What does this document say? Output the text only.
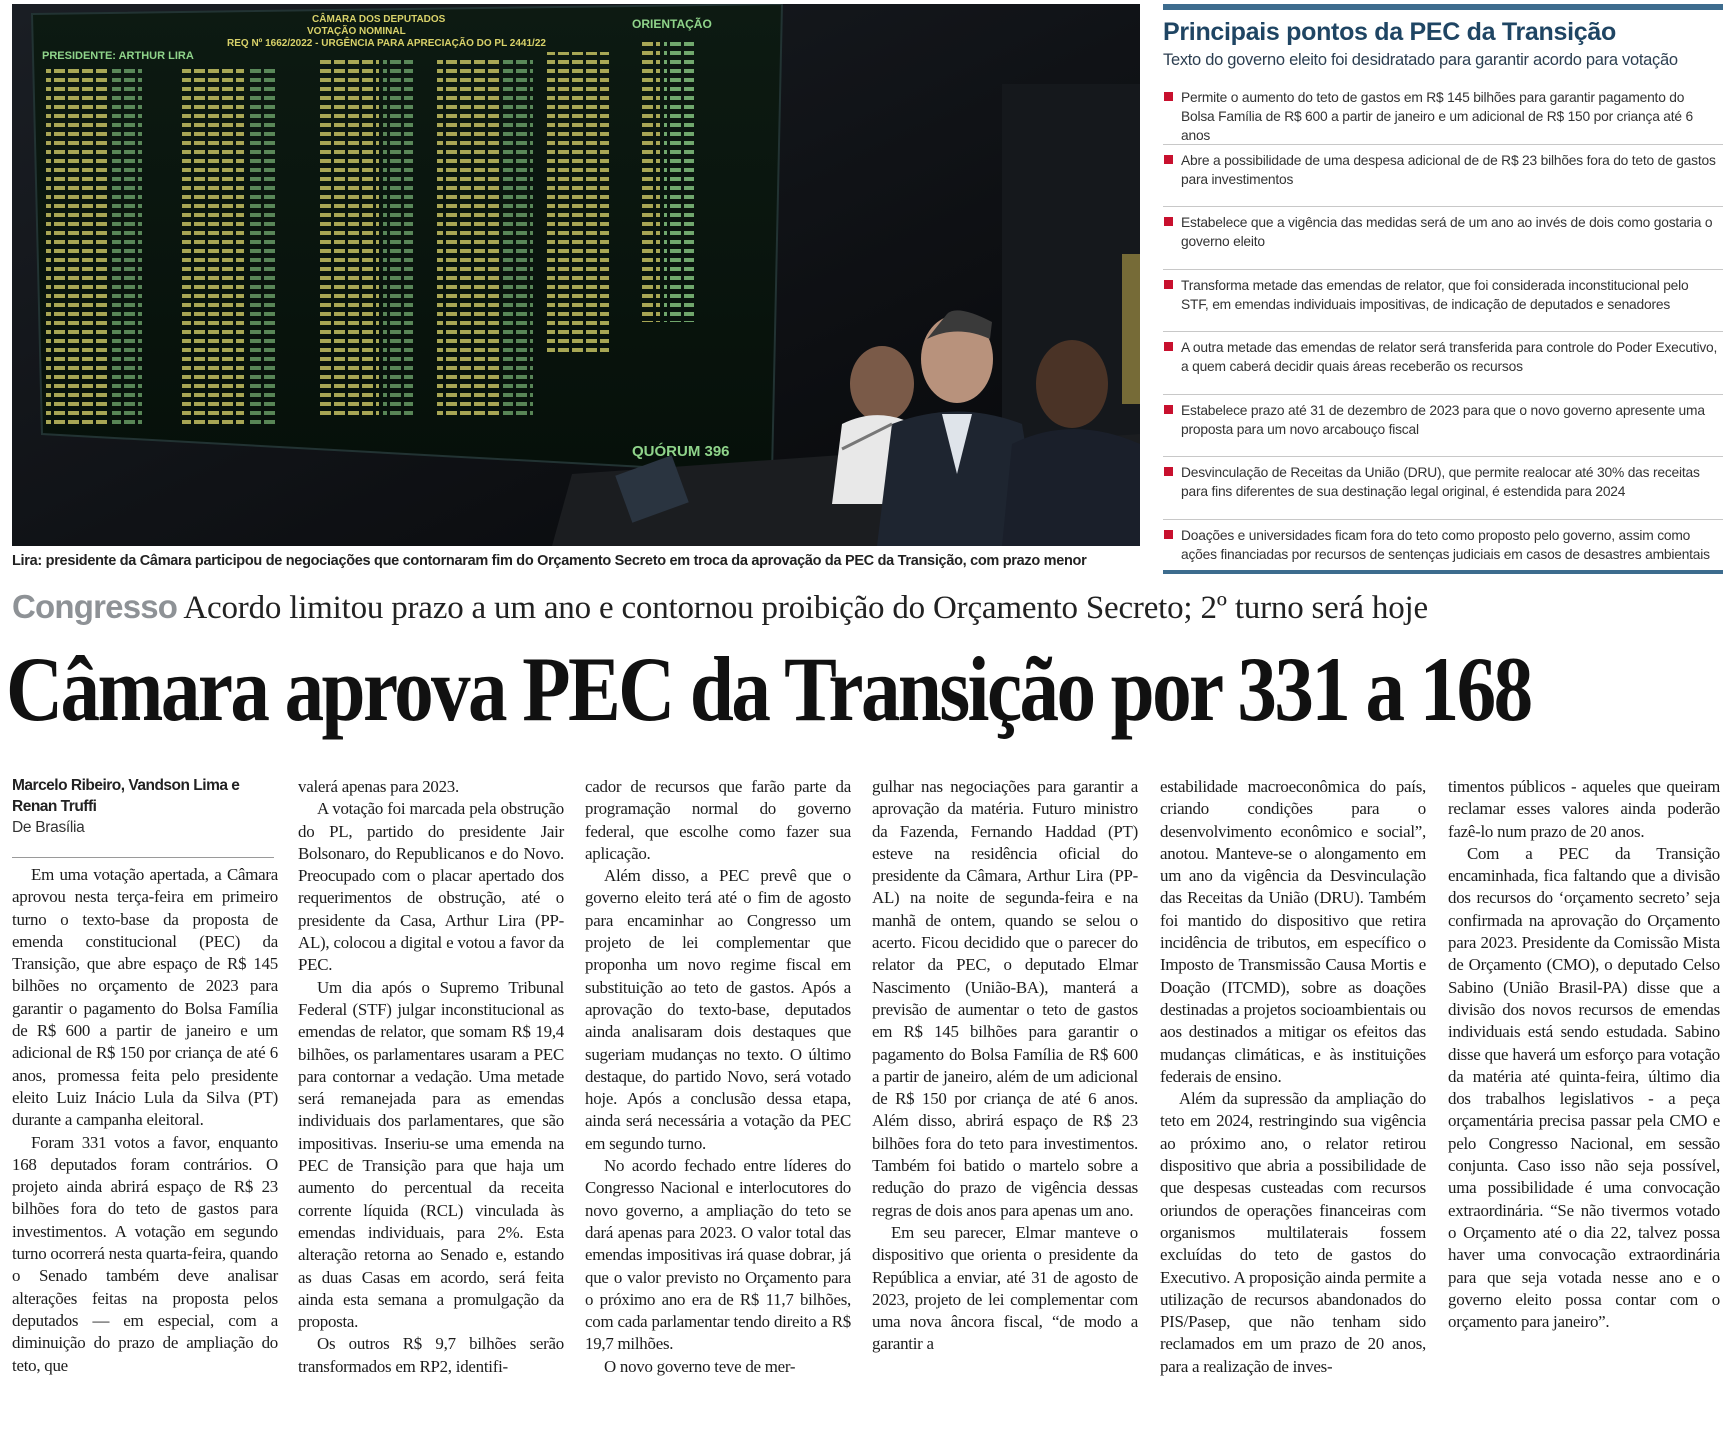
CÂMARA DOS DEPUTADOS
VOTAÇÃO NOMINAL
REQ Nº 1662/2022 - URGÊNCIA PARA APRECIAÇÃO DO PL 2441/22
PRESIDENTE: ARTHUR LIRA
ORIENTAÇÃO
QUÓRUM 396
Lira: presidente da Câmara participou de negociações que contornaram fim do Orçamento Secreto em troca da aprovação da PEC da Transição, com prazo menor
Principais pontos da PEC da Transição
Texto do governo eleito foi desidratado para garantir acordo para votação
Permite o aumento do teto de gastos em R$ 145 bilhões para garantir pagamento do Bolsa Família de R$ 600 a partir de janeiro e um adicional de R$ 150 por criança até 6 anos
Abre a possibilidade de uma despesa adicional de de R$ 23 bilhões fora do teto de gastos para investimentos
Estabelece que a vigência das medidas será de um ano ao invés de dois como gostaria o governo eleito
Transforma metade das emendas de relator, que foi considerada inconstitucional pelo STF, em emendas individuais impositivas, de indicação de deputados e senadores
A outra metade das emendas de relator será transferida para controle do Poder Executivo, a quem caberá decidir quais áreas receberão os recursos
Estabelece prazo até 31 de dezembro de 2023 para que o novo governo apresente uma proposta para um novo arcabouço fiscal
Desvinculação de Receitas da União (DRU), que permite realocar até 30% das receitas para fins diferentes de sua destinação legal original, é estendida para 2024
Doações e universidades ficam fora do teto como proposto pelo governo, assim como ações financiadas por recursos de sentenças judiciais em casos de desastres ambientais
Congresso Acordo limitou prazo a um ano e contornou proibição do Orçamento Secreto; 2º turno será hoje
Câmara aprova PEC da Transição por 331 a 168
Marcelo Ribeiro, Vandson Lima e Renan Truffi
De Brasília

Em uma votação apertada, a Câmara aprovou nesta terça-feira em primeiro turno o texto-base da proposta de emenda constitucional (PEC) da Transição, que abre espaço de R$ 145 bilhões no orçamento de 2023 para garantir o pagamento do Bolsa Família de R$ 600 a partir de janeiro e um adicional de R$ 150 por criança de até 6 anos, promessa feita pelo presidente eleito Luiz Inácio Lula da Silva (PT) durante a campanha eleitoral.

Foram 331 votos a favor, enquanto 168 deputados foram contrários. O projeto ainda abrirá espaço de R$ 23 bilhões fora do teto de gastos para investimentos. A votação em segundo turno ocorrerá nesta quarta-feira, quando o Senado também deve analisar alterações feitas na proposta pelos deputados — em especial, com a diminuição do prazo de ampliação do teto, que

valerá apenas para 2023.

A votação foi marcada pela obstrução do PL, partido do presidente Jair Bolsonaro, do Republicanos e do Novo. Preocupado com o placar apertado dos requerimentos de obstrução, até o presidente da Casa, Arthur Lira (PP-AL), colocou a digital e votou a favor da PEC.

Um dia após o Supremo Tribunal Federal (STF) julgar inconstitucional as emendas de relator, que somam R$ 19,4 bilhões, os parlamentares usaram a PEC para contornar a vedação. Uma metade será remanejada para as emendas individuais dos parlamentares, que são impositivas. Inseriu-se uma emenda na PEC de Transição para que haja um aumento do percentual da receita corrente líquida (RCL) vinculada às emendas individuais, para 2%. Esta alteração retorna ao Senado e, estando as duas Casas em acordo, será feita ainda esta semana a promulgação da proposta.

Os outros R$ 9,7 bilhões serão transformados em RP2, identifi-

cador de recursos que farão parte da programação normal do governo federal, que escolhe como fazer sua aplicação.

Além disso, a PEC prevê que o governo eleito terá até o fim de agosto para encaminhar ao Congresso um projeto de lei complementar que proponha um novo regime fiscal em substituição ao teto de gastos. Após a aprovação do texto-base, deputados ainda analisaram dois destaques que sugeriam mudanças no texto. O último destaque, do partido Novo, será votado hoje. Após a conclusão dessa etapa, ainda será necessária a votação da PEC em segundo turno.

No acordo fechado entre líderes do Congresso Nacional e interlocutores do novo governo, a ampliação do teto se dará apenas para 2023. O valor total das emendas impositivas irá quase dobrar, já que o valor previsto no Orçamento para o próximo ano era de R$ 11,7 bilhões, com cada parlamentar tendo direito a R$ 19,7 milhões.

O novo governo teve de mer-

gulhar nas negociações para garantir a aprovação da matéria. Futuro ministro da Fazenda, Fernando Haddad (PT) esteve na residência oficial do presidente da Câmara, Arthur Lira (PP-AL) na noite de segunda-feira e na manhã de ontem, quando se selou o acerto. Ficou decidido que o parecer do relator da PEC, o deputado Elmar Nascimento (União-BA), manterá a previsão de aumentar o teto de gastos em R$ 145 bilhões para garantir o pagamento do Bolsa Família de R$ 600 a partir de janeiro, além de um adicional de R$ 150 por criança de até 6 anos. Além disso, abrirá espaço de R$ 23 bilhões fora do teto para investimentos. Também foi batido o martelo sobre a redução do prazo de vigência dessas regras de dois anos para apenas um ano.

Em seu parecer, Elmar manteve o dispositivo que orienta o presidente da República a enviar, até 31 de agosto de 2023, projeto de lei complementar com uma nova âncora fiscal, “de modo a garantir a

estabilidade macroeconômica do país, criando condições para o desenvolvimento econômico e social”, anotou. Manteve-se o alongamento em um ano da vigência da Desvinculação das Receitas da União (DRU). Também foi mantido do dispositivo que retira incidência de tributos, em específico o Imposto de Transmissão Causa Mortis e Doação (ITCMD), sobre as doações destinadas a projetos socioambientais ou aos destinados a mitigar os efeitos das mudanças climáticas, e às instituições federais de ensino.

Além da supressão da ampliação do teto em 2024, restringindo sua vigência ao próximo ano, o relator retirou dispositivo que abria a possibilidade de que despesas custeadas com recursos oriundos de operações financeiras com organismos multilaterais fossem excluídas do teto de gastos do Executivo. A proposição ainda permite a utilização de recursos abandonados do PIS/Pasep, que não tenham sido reclamados em um prazo de 20 anos, para a realização de inves-

timentos públicos - aqueles que queiram reclamar esses valores ainda poderão fazê-lo num prazo de 20 anos.

Com a PEC da Transição encaminhada, fica faltando que a divisão dos recursos do ‘orçamento secreto’ seja confirmada na aprovação do Orçamento para 2023. Presidente da Comissão Mista de Orçamento (CMO), o deputado Celso Sabino (União Brasil-PA) disse que a divisão dos novos recursos de emendas individuais está sendo estudada. Sabino disse que haverá um esforço para votação da matéria até quinta-feira, último dia dos trabalhos legislativos - a peça orçamentária precisa passar pela CMO e pelo Congresso Nacional, em sessão conjunta. Caso isso não seja possível, uma possibilidade é uma convocação extraordinária. “Se não tivermos votado o Orçamento até o dia 22, talvez possa haver uma convocação extraordinária para que seja votada nesse ano e o governo eleito possa contar com o orçamento para janeiro”.
